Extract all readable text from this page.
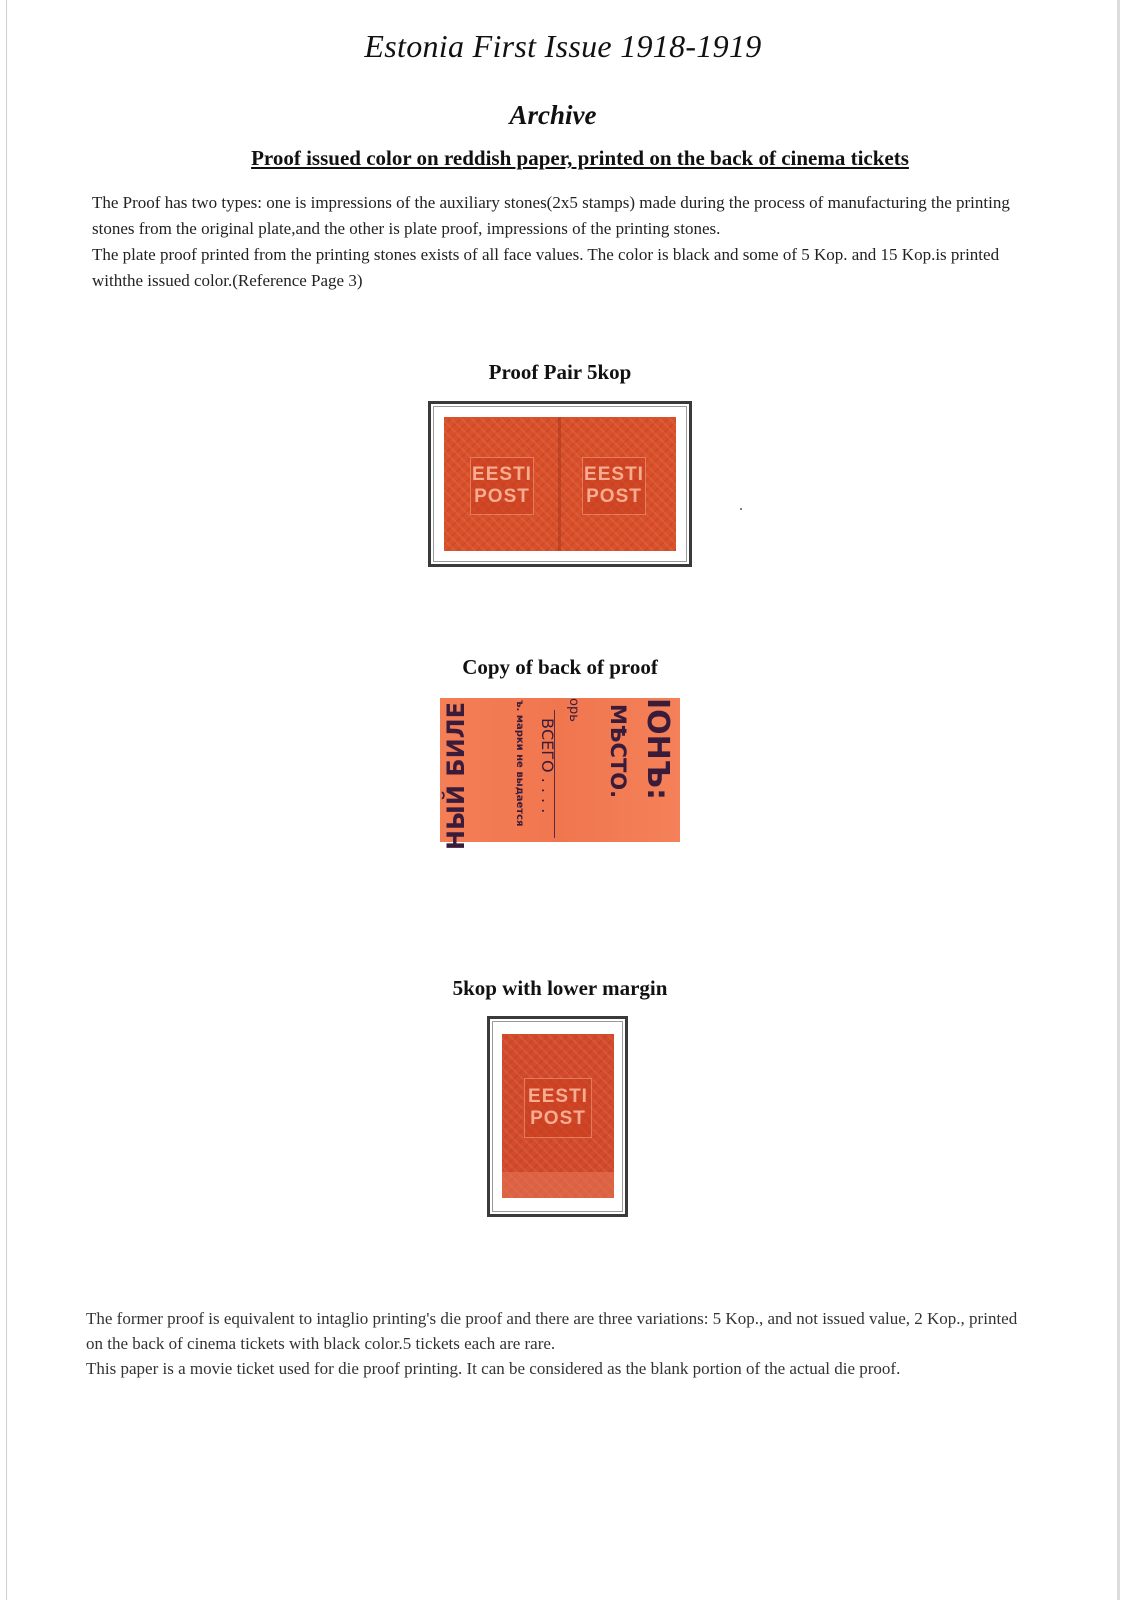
Estonia First Issue 1918-1919
Archive
Proof issued color on reddish paper, printed on the back of cinema tickets

The Proof has two types: one is impressions of the auxiliary stones(2x5 stamps) made during the process of manufacturing the printing stones from the original plate,and the other is plate proof, impressions of the printing stones.

The plate proof printed from the printing stones exists of all face values. The color is black and some of 5 Kop. and 15 Kop.is printed withthe issued color.(Reference Page 3)

Proof Pair 5kop
EESTI
POST
EESTI
POST
Copy of back of proof
НЫЙ БИЛЕ	ъ. марки не выдается ВСЕГО . . . .
орь МѢСТО. ІОНЪ:
5kop with lower margin
EESTI
POST

The former proof is equivalent to intaglio printing's die proof and there are three variations: 5 Kop., and not issued value, 2 Kop., printed on the back of cinema tickets with black color.5 tickets each are rare.

This paper is a movie ticket used for die proof printing. It can be considered as the blank portion of the actual die proof.
